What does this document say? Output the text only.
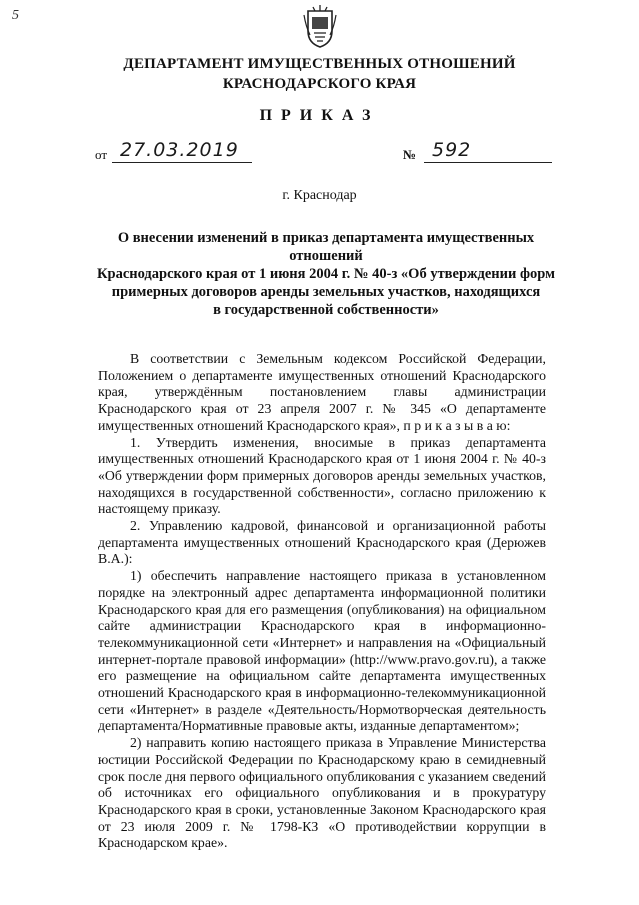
5
ДЕПАРТАМЕНТ ИМУЩЕСТВЕННЫХ ОТНОШЕНИЙ
КРАСНОДАРСКОГО КРАЯ
ПРИКАЗ
от 27.03.2019	№ 592
г. Краснодар
О внесении изменений в приказ департамента имущественных отношений
Краснодарского края от 1 июня 2004 г. № 40-з «Об утверждении форм
примерных договоров аренды земельных участков, находящихся
в государственной собственности»

В соответствии с Земельным кодексом Российской Федерации, Положением о департаменте имущественных отношений Краснодарского края, утверждённым постановлением главы администрации Краснодарского края от 23 апреля 2007 г. № 345 «О департаменте имущественных отношений Краснодарского края», п р и к а з ы в а ю:

1. Утвердить изменения, вносимые в приказ департамента имущественных отношений Краснодарского края от 1 июня 2004 г. № 40-з «Об утверждении форм примерных договоров аренды земельных участков, находящихся в государственной собственности», согласно приложению к настоящему приказу.

2. Управлению кадровой, финансовой и организационной работы департамента имущественных отношений Краснодарского края (Дерюжев В.А.):

1) обеспечить направление настоящего приказа в установленном порядке на электронный адрес департамента информационной политики Краснодарского края для его размещения (опубликования) на официальном сайте администрации Краснодарского края в информационно-телекоммуникационной сети «Интернет» и направления на «Официальный интернет-портале правовой информации» (http://www.pravo.gov.ru), а также его размещение на официальном сайте департамента имущественных отношений Краснодарского края в информационно-телекоммуникационной сети «Интернет» в разделе «Деятельность/Нормотворческая деятельность департамента/Нормативные правовые акты, изданные департаментом»;

2) направить копию настоящего приказа в Управление Министерства юстиции Российской Федерации по Краснодарскому краю в семидневный срок после дня первого официального опубликования с указанием сведений об источниках его официального опубликования и в прокуратуру Краснодарского края в сроки, установленные Законом Краснодарского края от 23 июля 2009 г. № 1798-КЗ «О противодействии коррупции в Краснодарском крае».
